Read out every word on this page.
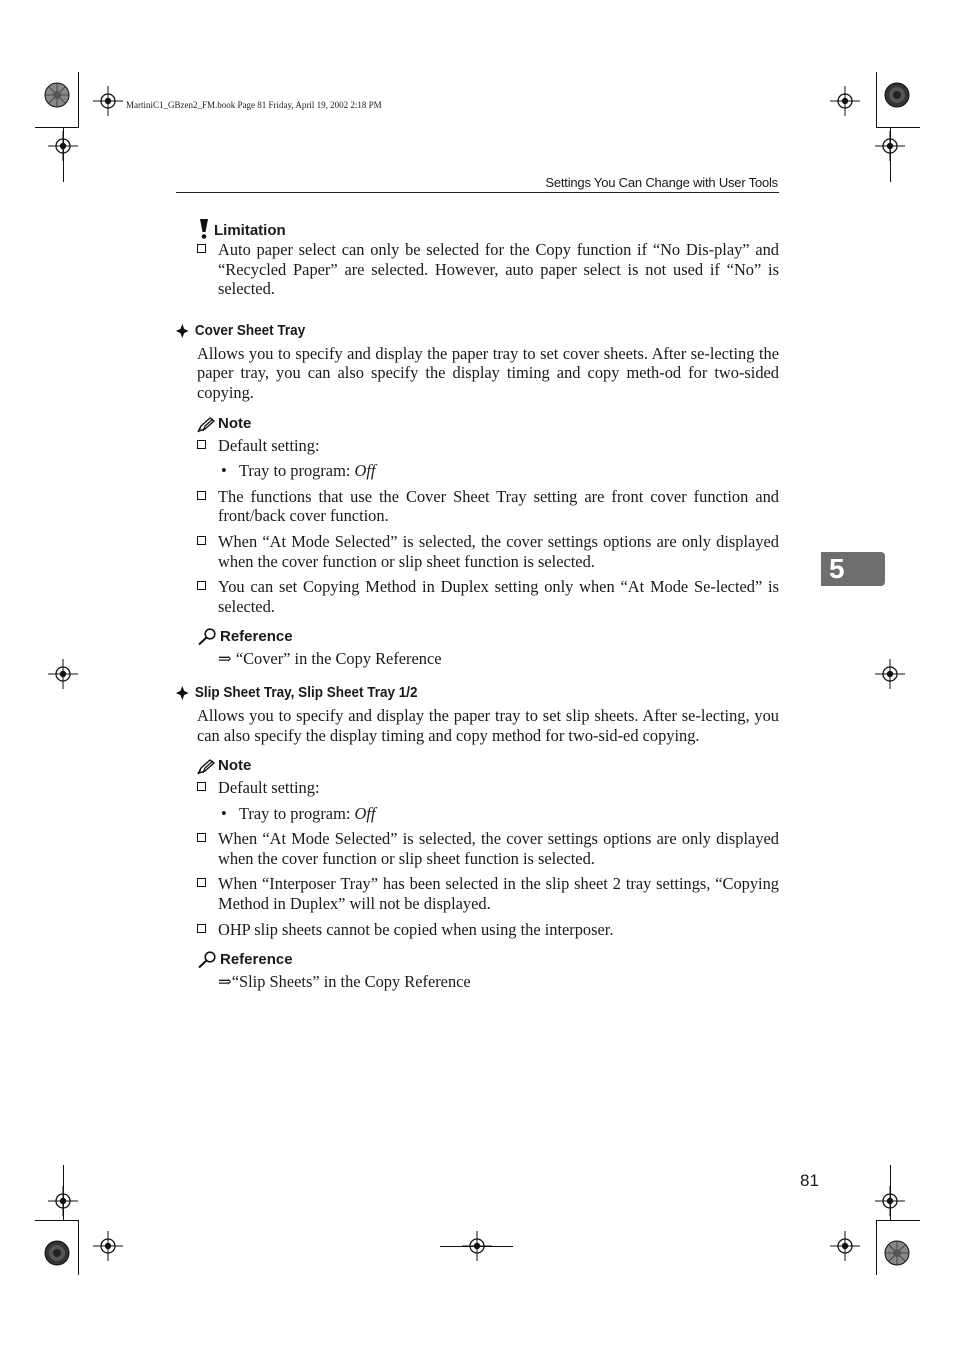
MartiniC1_GBzen2_FM.book Page 81 Friday, April 19, 2002 2:18 PM
Settings You Can Change with User Tools
5
Limitation
Auto paper select can only be selected for the Copy function if “No Dis-play” and “Recycled Paper” are selected. However, auto paper select is not used if “No” is selected.
Cover Sheet Tray
Allows you to specify and display the paper tray to set cover sheets. After se-lecting the paper tray, you can also specify the display timing and copy meth-od for two-sided copying.
Note
Default setting:
• Tray to program: Off
The functions that use the Cover Sheet Tray setting are front cover function and front/back cover function.
When “At Mode Selected” is selected, the cover settings options are only displayed when the cover function or slip sheet function is selected.
You can set Copying Method in Duplex setting only when “At Mode Se-lected” is selected.
Reference
⇒ “Cover” in the Copy Reference
Slip Sheet Tray, Slip Sheet Tray 1/2
Allows you to specify and display the paper tray to set slip sheets. After se-lecting, you can also specify the display timing and copy method for two-sid-ed copying.
Note
Default setting:
• Tray to program: Off
When “At Mode Selected” is selected, the cover settings options are only displayed when the cover function or slip sheet function is selected.
When “Interposer Tray” has been selected in the slip sheet 2 tray settings, “Copying Method in Duplex” will not be displayed.
OHP slip sheets cannot be copied when using the interposer.
Reference
⇒“Slip Sheets” in the Copy Reference
81
